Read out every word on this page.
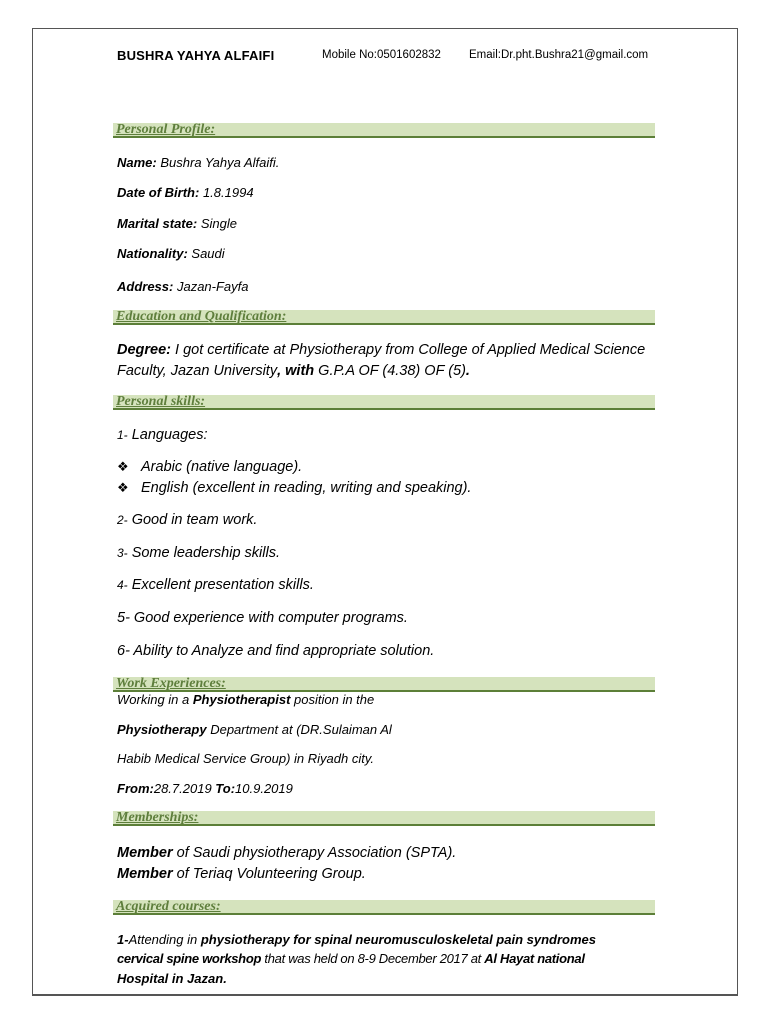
BUSHRA YAHYA ALFAIFI	Mobile No:0501602832 Email:Dr.pht.Bushra21@gmail.com
Personal Profile:
Name: Bushra Yahya Alfaifi.
Date of Birth: 1.8.1994
Marital state: Single
Nationality: Saudi
Address: Jazan-Fayfa
Education and Qualification:
Degree: I got certificate at Physiotherapy from College of Applied Medical Science
Faculty, Jazan University, with G.P.A OF (4.38) OF (5).
Personal skills:
1- Languages:
❖ Arabic (native language).
❖ English (excellent in reading, writing and speaking).
2- Good in team work.
3- Some leadership skills.
4- Excellent presentation skills.
5- Good experience with computer programs.
6- Ability to Analyze and find appropriate solution.
Work Experiences:
Working in a Physiotherapist position in the
Physiotherapy Department at (DR.Sulaiman Al
Habib Medical Service Group) in Riyadh city.
From:28.7.2019 To:10.9.2019
Memberships:
Member of Saudi physiotherapy Association (SPTA).
Member of Teriaq Volunteering Group.
Acquired courses:
1-Attending in physiotherapy for spinal neuromusculoskeletal pain syndromes
cervical spine workshop that was held on 8-9 December 2017 at Al Hayat national
Hospital in Jazan.
